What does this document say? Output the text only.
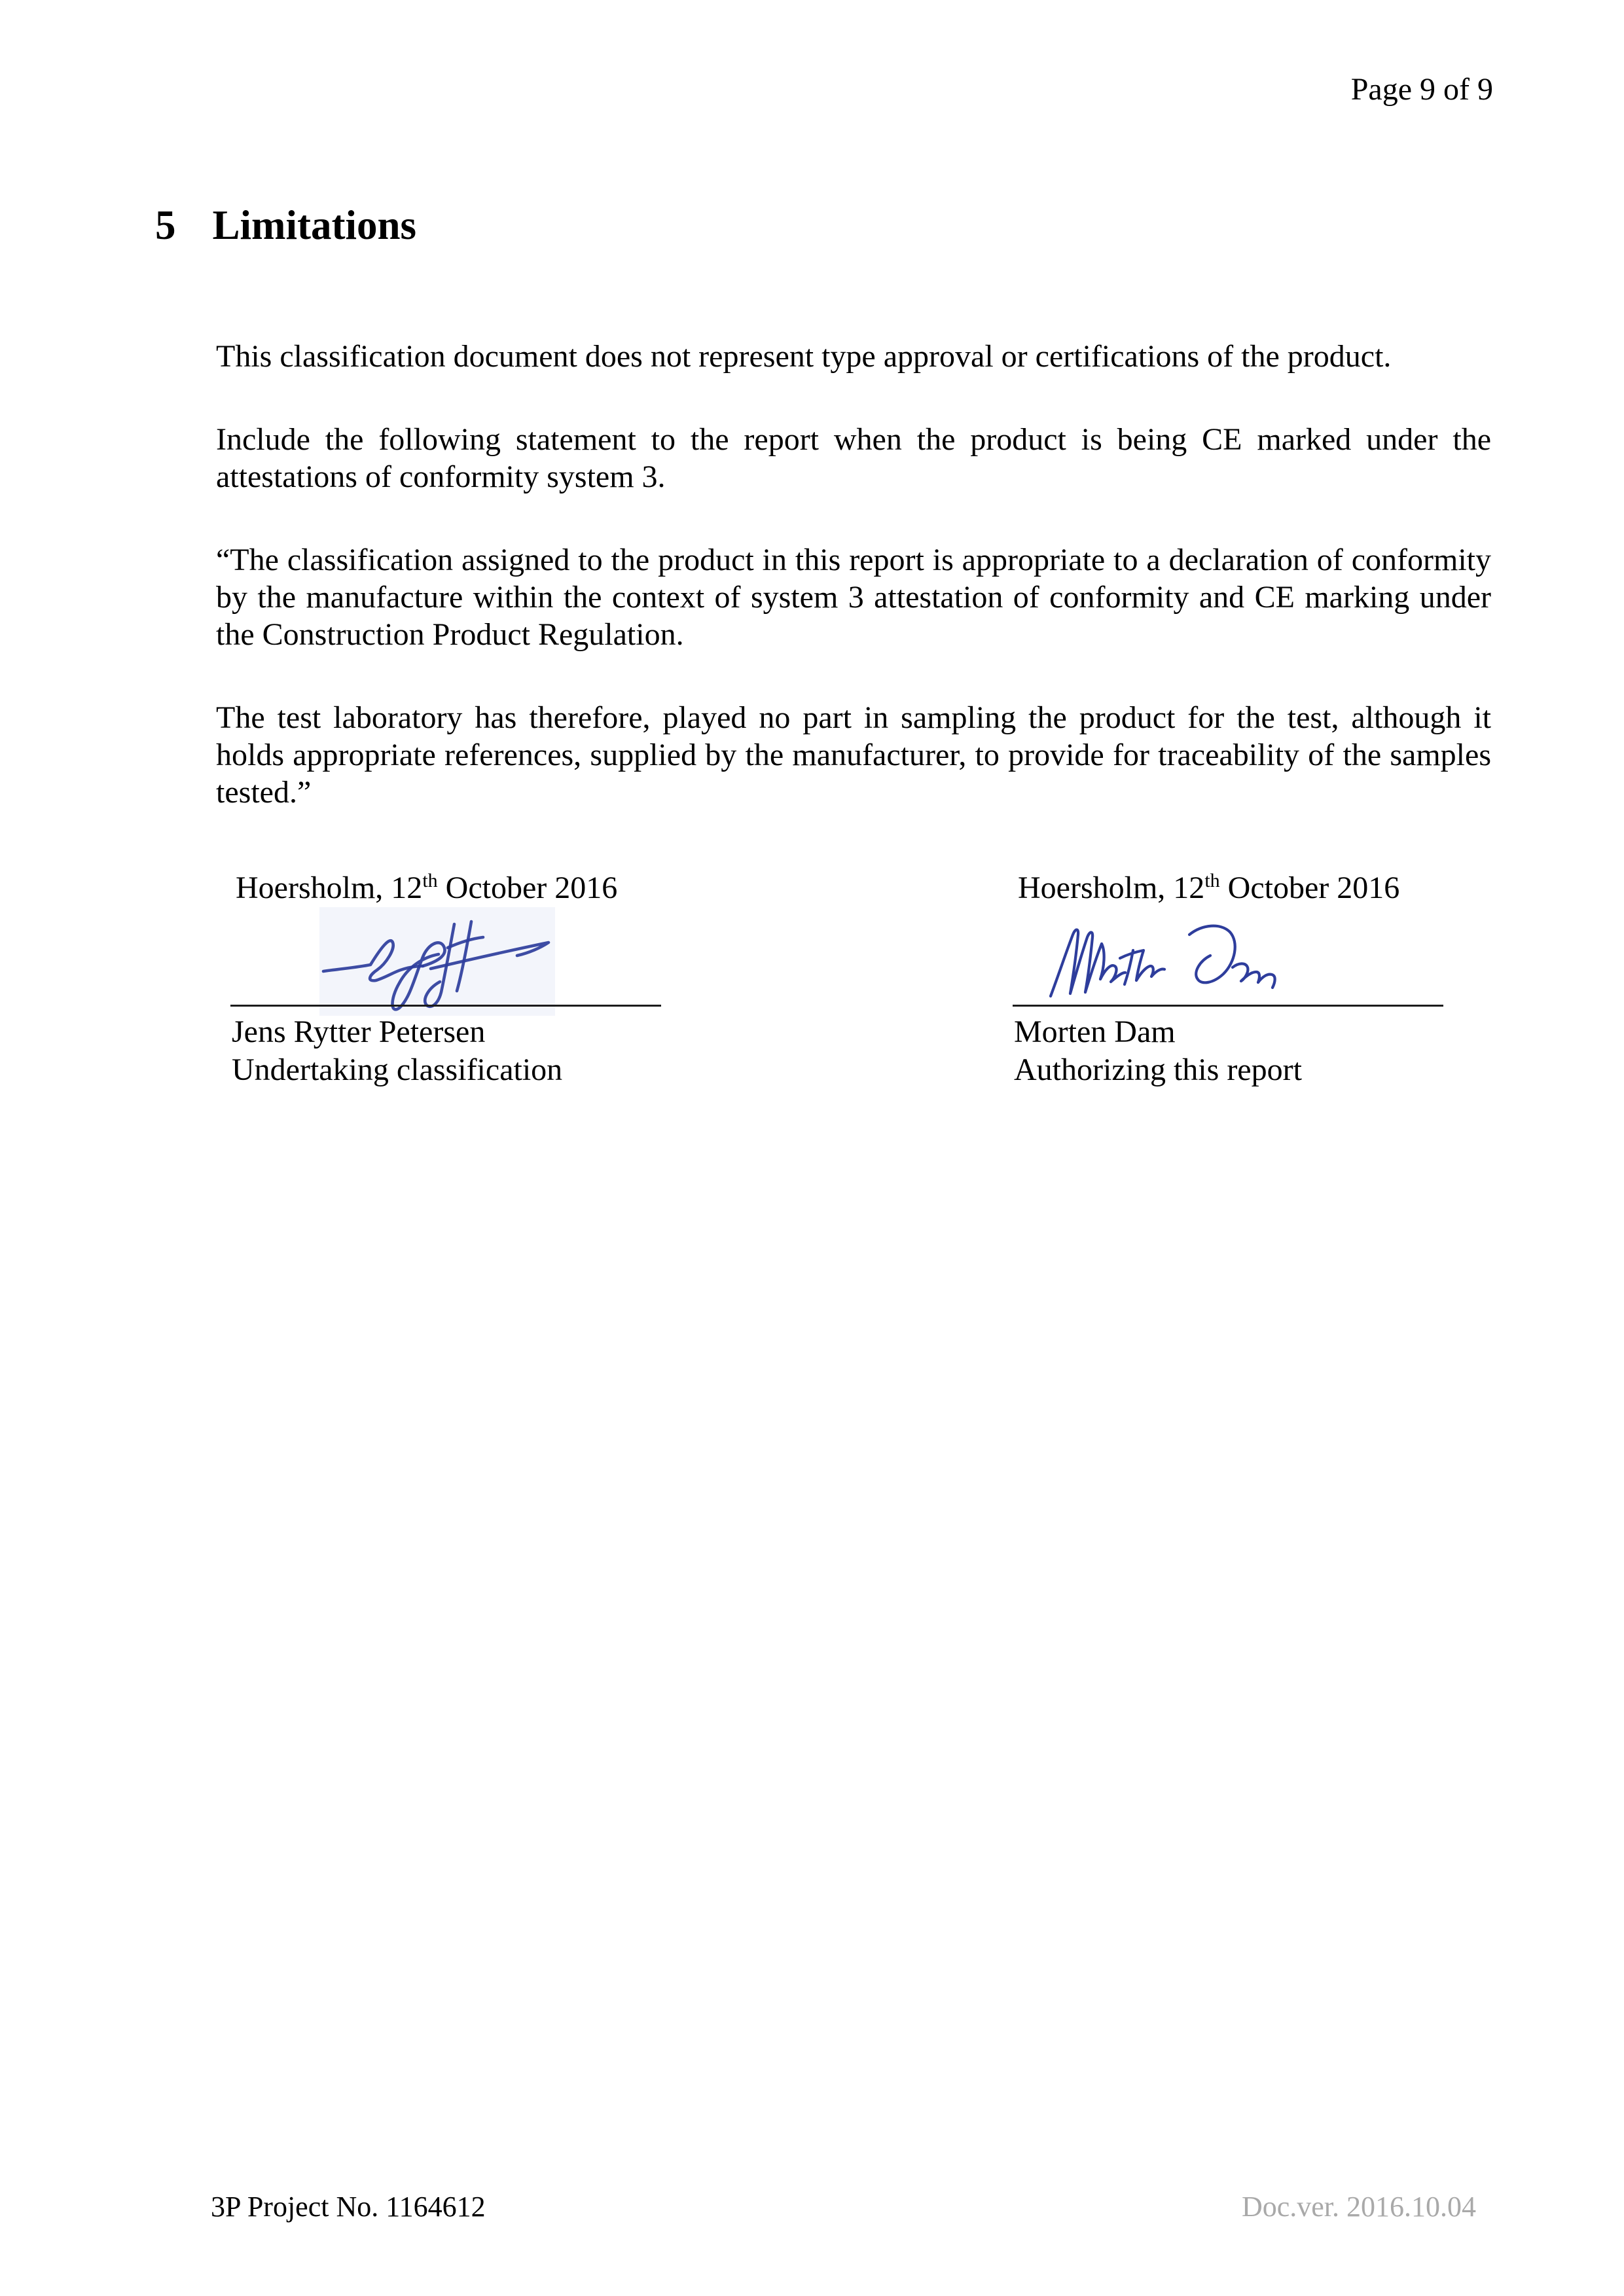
Page 9 of 9
5 Limitations

This classification document does not represent type approval or certifications of the product.

Include the following statement to the report when the product is being CE marked under the attestations of conformity system 3.

“The classification assigned to the product in this report is appropriate to a declaration of conformity by the manufacture within the context of system 3 attestation of conformity and CE marking under the Construction Product Regulation.

The test laboratory has therefore, played no part in sampling the product for the test, although it holds appropriate references, supplied by the manufacturer, to provide for traceability of the samples tested.”

Hoersholm, 12th October 2016
Jens Rytter Petersen
Undertaking classification
Hoersholm, 12th October 2016
Morten Dam
Authorizing this report
3P Project No. 1164612	Doc.ver. 2016.10.04
